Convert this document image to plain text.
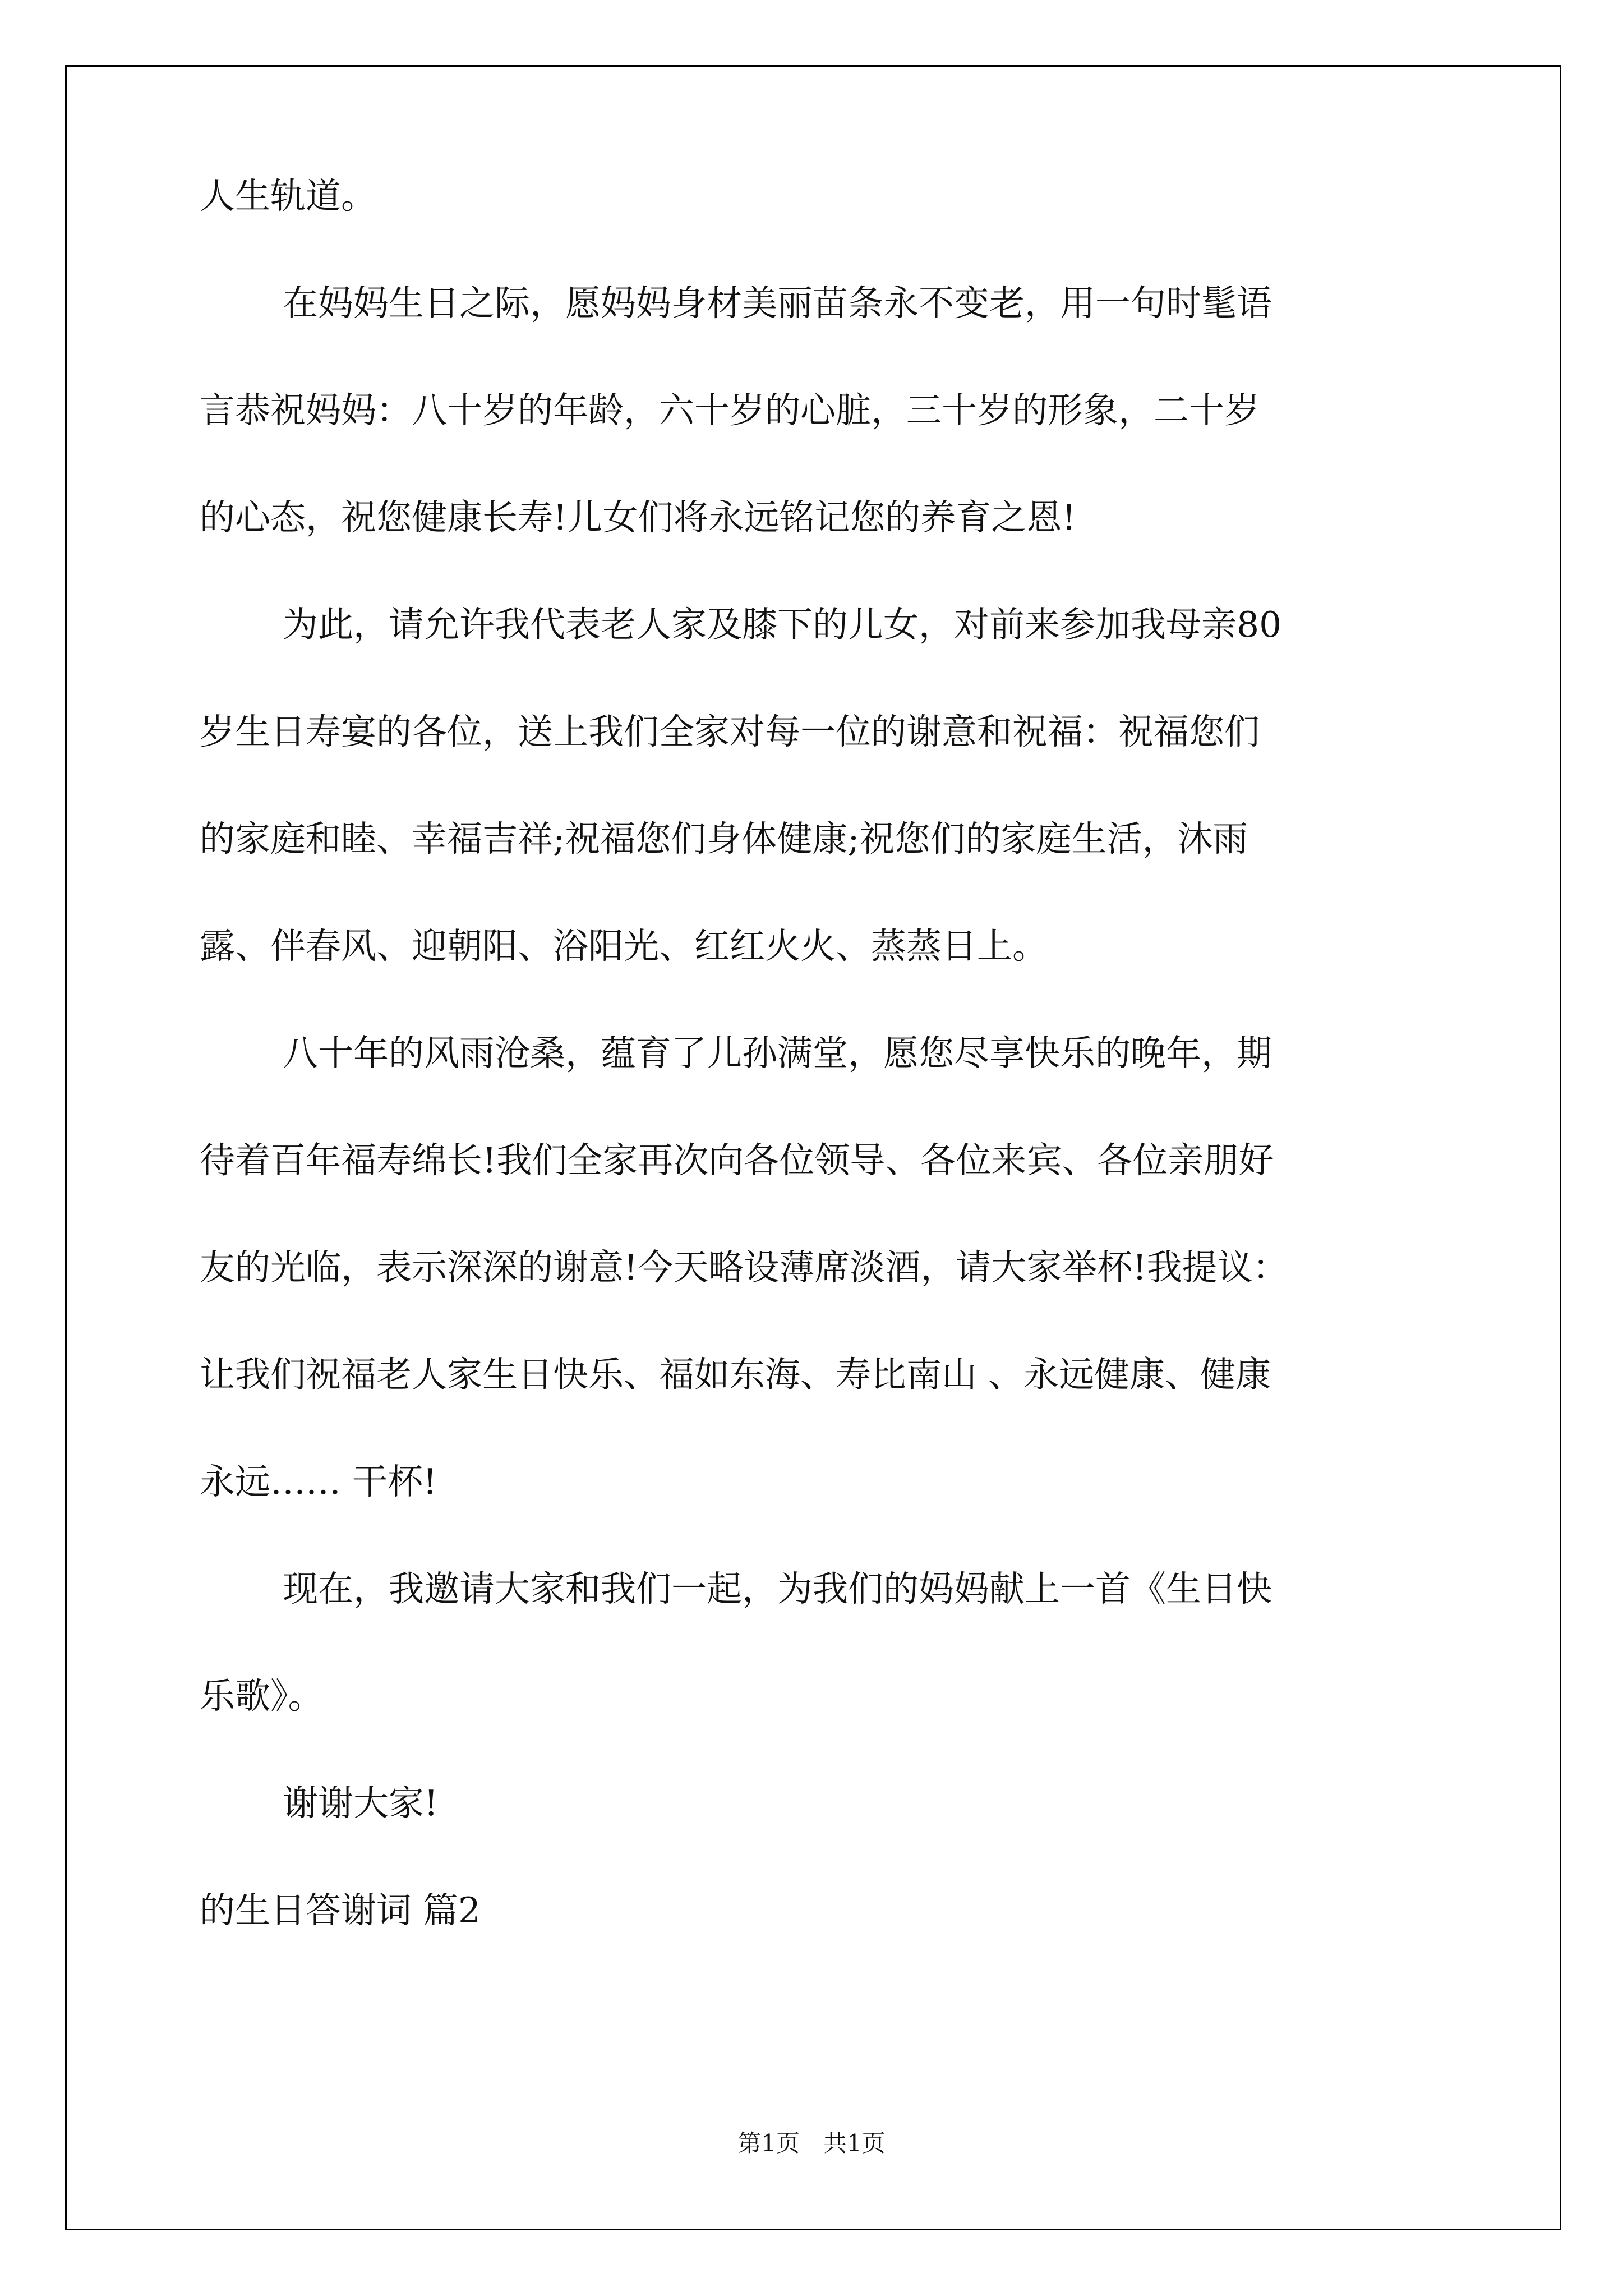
人生轨道。
在妈妈生日之际，愿妈妈身材美丽苗条永不变老，用一句时髦语
言恭祝妈妈：八十岁的年龄，六十岁的心脏，三十岁的形象，二十岁
的心态，祝您健康长寿!儿女们将永远铭记您的养育之恩!
为此，请允许我代表老人家及膝下的儿女，对前来参加我母亲80
岁生日寿宴的各位，送上我们全家对每一位的谢意和祝福：祝福您们
的家庭和睦、幸福吉祥;祝福您们身体健康;祝您们的家庭生活，沐雨
露、伴春风、迎朝阳、浴阳光、红红火火、蒸蒸日上。
八十年的风雨沧桑，蕴育了儿孙满堂，愿您尽享快乐的晚年，期
待着百年福寿绵长!我们全家再次向各位领导、各位来宾、各位亲朋好
友的光临，表示深深的谢意!今天略设薄席淡酒，请大家举杯!我提议：
让我们祝福老人家生日快乐、福如东海、寿比南山 、永远健康、健康
永远…… 干杯!
现在，我邀请大家和我们一起，为我们的妈妈献上一首《生日快
乐歌》。
谢谢大家!
的生日答谢词 篇2
第1页　共1页
